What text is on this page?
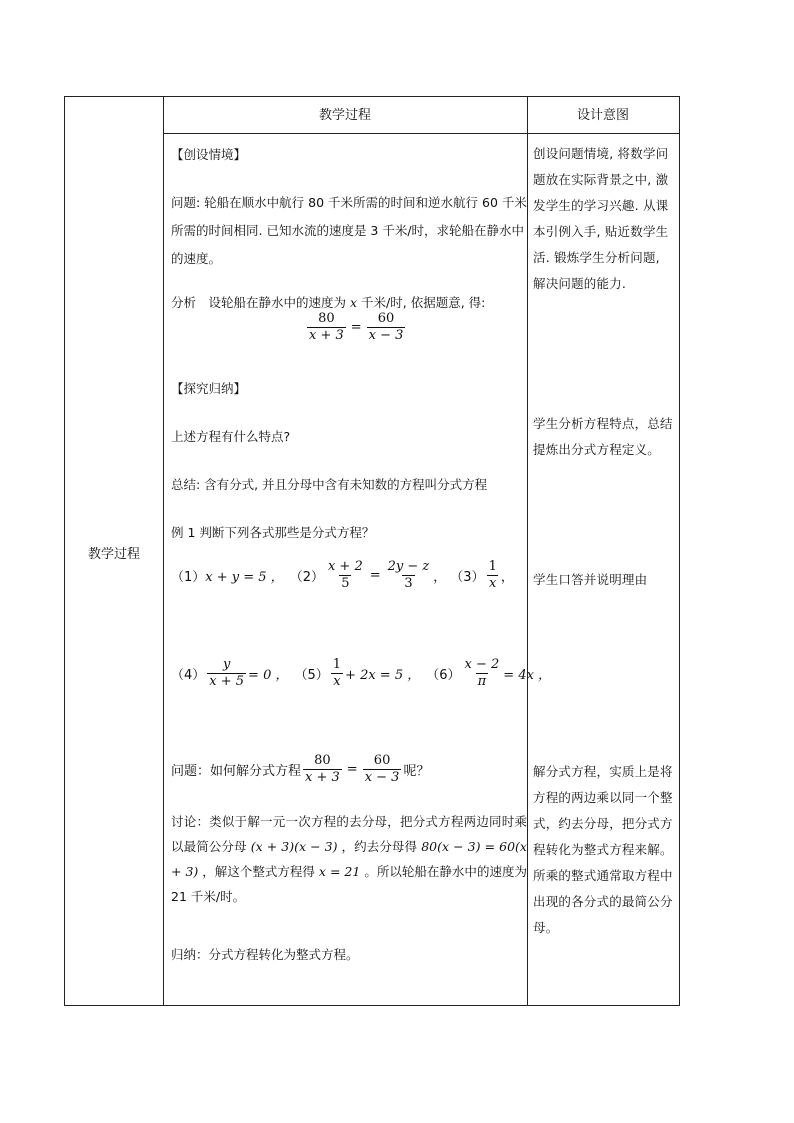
教学过程
教学过程	设计意图
【创设情境】
问题: 轮船在顺水中航行 80 千米所需的时间和逆水航行 60 千米所需的时间相同. 已知水流的速度是 3 千米/时，求轮船在静水中的速度。
分析　设轮船在静水中的速度为 x 千米/时, 依据题意, 得:
$\frac{80}{x + 3} = \frac{60}{x - 3}$
【探究归纳】
上述方程有什么特点?
总结: 含有分式, 并且分母中含有未知数的方程叫分式方程
例 1 判断下列各式那些是分式方程？
（1） x + y = 5 ， $(2) \frac{x + 2}{5} = \frac{2y - z}{3}$ ， $(3) \frac{1}{x}$ ，
$(4) \frac{y}{x + 5} = 0$ ， $(5) \frac{1}{x} + 2x = 5$ ， $(6) \frac{x - 2}{\pi} = 4x$ ，
问题：如何解分式方程 $\frac{80}{x + 3} = \frac{60}{x - 3}$ 呢？
讨论：类似于解一元一次方程的去分母，把分式方程两边同时乘以最简公分母 (x + 3)(x − 3) ，约去分母得 80(x − 3) = 60(x + 3) ，解这个整式方程得 x = 21 。所以轮船在静水中的速度为 21 千米/时。
归纳：分式方程转化为整式方程。
创设问题情境, 将数学问题放在实际背景之中, 激发学生的学习兴趣. 从课本引例入手, 贴近数学生活. 锻炼学生分析问题, 解决问题的能力.
学生分析方程特点，总结提炼出分式方程定义。
学生口答并说明理由
解分式方程，实质上是将方程的两边乘以同一个整式，约去分母，把分式方程转化为整式方程来解。所乘的整式通常取方程中出现的各分式的最简公分母。
